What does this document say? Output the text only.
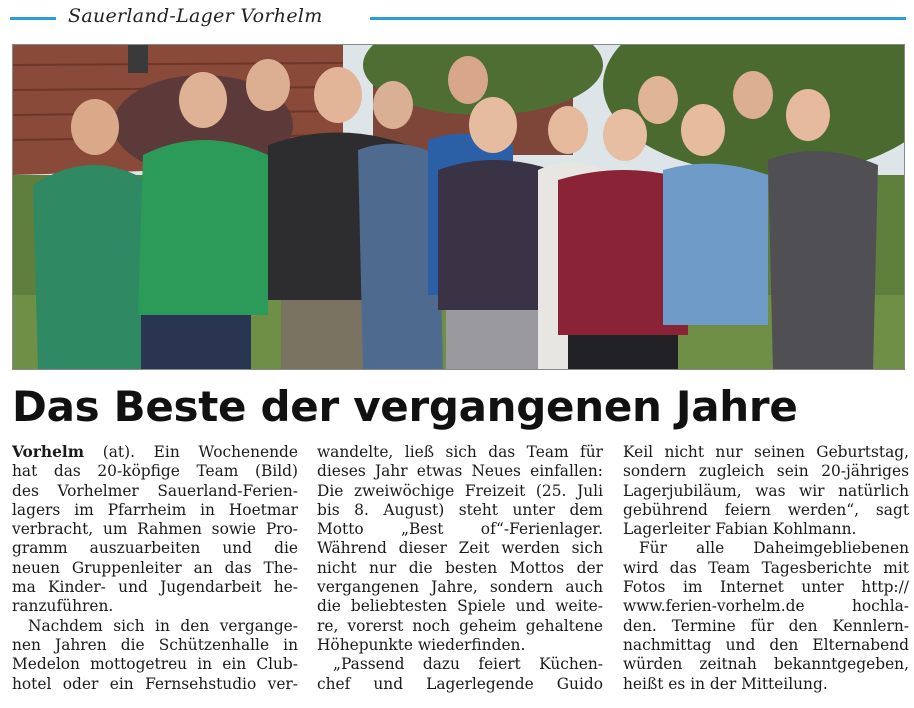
Sauerland-Lager Vorhelm
Das Beste der vergangenen Jahre

Vorhelm (at). Ein Wochenende
hat das 20-köpfige Team (Bild)
des Vorhelmer Sauerland-Ferien-
lagers im Pfarrheim in Hoetmar
verbracht, um Rahmen sowie Pro-
gramm auszuarbeiten und die
neuen Gruppenleiter an das The-
ma Kinder- und Jugendarbeit he-
ranzuführen.

Nachdem sich in den vergange-
nen Jahren die Schützenhalle in
Medelon mottogetreu in ein Club-
hotel oder ein Fernsehstudio ver-

wandelte, ließ sich das Team für
dieses Jahr etwas Neues einfallen:
Die zweiwöchige Freizeit (25. Juli
bis 8. August) steht unter dem
Motto „Best of“-Ferienlager.
Während dieser Zeit werden sich
nicht nur die besten Mottos der
vergangenen Jahre, sondern auch
die beliebtesten Spiele und weite-
re, vorerst noch geheim gehaltene
Höhepunkte wiederfinden.

„Passend dazu feiert Küchen-
chef und Lagerlegende Guido

Keil nicht nur seinen Geburtstag,
sondern zugleich sein 20-jähriges
Lagerjubiläum, was wir natürlich
gebührend feiern werden“, sagt
Lagerleiter Fabian Kohlmann.

Für alle Daheimgebliebenen
wird das Team Tagesberichte mit
Fotos im Internet unter http://
www.ferien-vorhelm.de hochla-
den. Termine für den Kennlern-
nachmittag und den Elternabend
würden zeitnah bekanntgegeben,
heißt es in der Mitteilung.
